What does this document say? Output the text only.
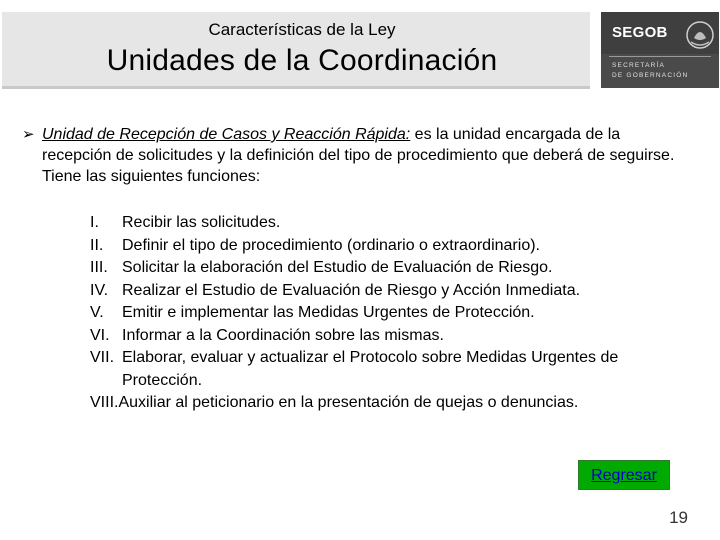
Características de la Ley
Unidades de la Coordinación
SEGOB
SECRETARÍA
DE GOBERNACIÓN
➢ Unidad de Recepción de Casos y Reacción Rápida: es la unidad encargada de la recepción de solicitudes y la definición del tipo de procedimiento que deberá de seguirse. Tiene las siguientes funciones:
I. Recibir las solicitudes.
II. Definir el tipo de procedimiento (ordinario o extraordinario).
III. Solicitar la elaboración del Estudio de Evaluación de Riesgo.
IV. Realizar el Estudio de Evaluación de Riesgo y Acción Inmediata.
V. Emitir e implementar las Medidas Urgentes de Protección.
VI. Informar a la Coordinación sobre las mismas.
VII. Elaborar, evaluar y actualizar el Protocolo sobre Medidas Urgentes de Protección.
VIII.Auxiliar al peticionario en la presentación de quejas o denuncias.
Regresar
19
